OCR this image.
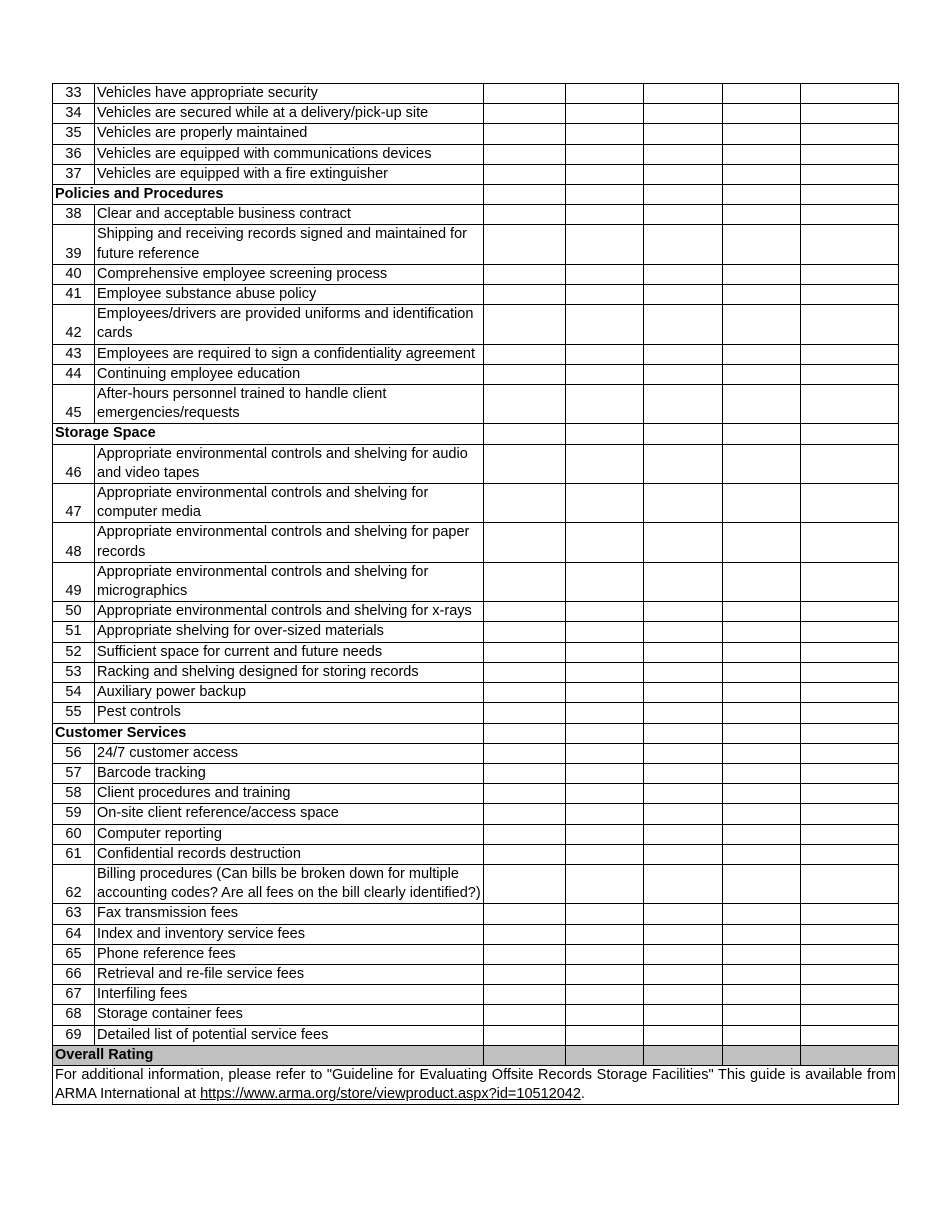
33	Vehicles have appropriate security					
34	Vehicles are secured while at a delivery/pick-up site					
35	Vehicles are properly maintained					
36	Vehicles are equipped with communications devices					
37	Vehicles are equipped with a fire extinguisher					
Policies and Procedures						
38	Clear and acceptable business contract					
39	Shipping and receiving records signed and maintained for future reference					
40	Comprehensive employee screening process					
41	Employee substance abuse policy					
42	Employees/drivers are provided uniforms and identification cards					
43	Employees are required to sign a confidentiality agreement					
44	Continuing employee education					
45	After-hours personnel trained to handle client emergencies/requests					
Storage Space						
46	Appropriate environmental controls and shelving for audio and video tapes					
47	Appropriate environmental controls and shelving for computer media					
48	Appropriate environmental controls and shelving for paper records					
49	Appropriate environmental controls and shelving for micrographics					
50	Appropriate environmental controls and shelving for x-rays					
51	Appropriate shelving for over-sized materials					
52	Sufficient space for current and future needs					
53	Racking and shelving designed for storing records					
54	Auxiliary power backup					
55	Pest controls					
Customer Services						
56	24/7 customer access					
57	Barcode tracking					
58	Client procedures and training					
59	On-site client reference/access space					
60	Computer reporting					
61	Confidential records destruction					
62	Billing procedures (Can bills be broken down for multiple accounting codes? Are all fees on the bill clearly identified?)					
63	Fax transmission fees					
64	Index and inventory service fees					
65	Phone reference fees					
66	Retrieval and re-file service fees					
67	Interfiling fees					
68	Storage container fees					
69	Detailed list of potential service fees					
Overall Rating						
For additional information, please refer to "Guideline for Evaluating Offsite Records Storage Facilities" This guide is available from ARMA International at https://www.arma.org/store/viewproduct.aspx?id=10512042.						
